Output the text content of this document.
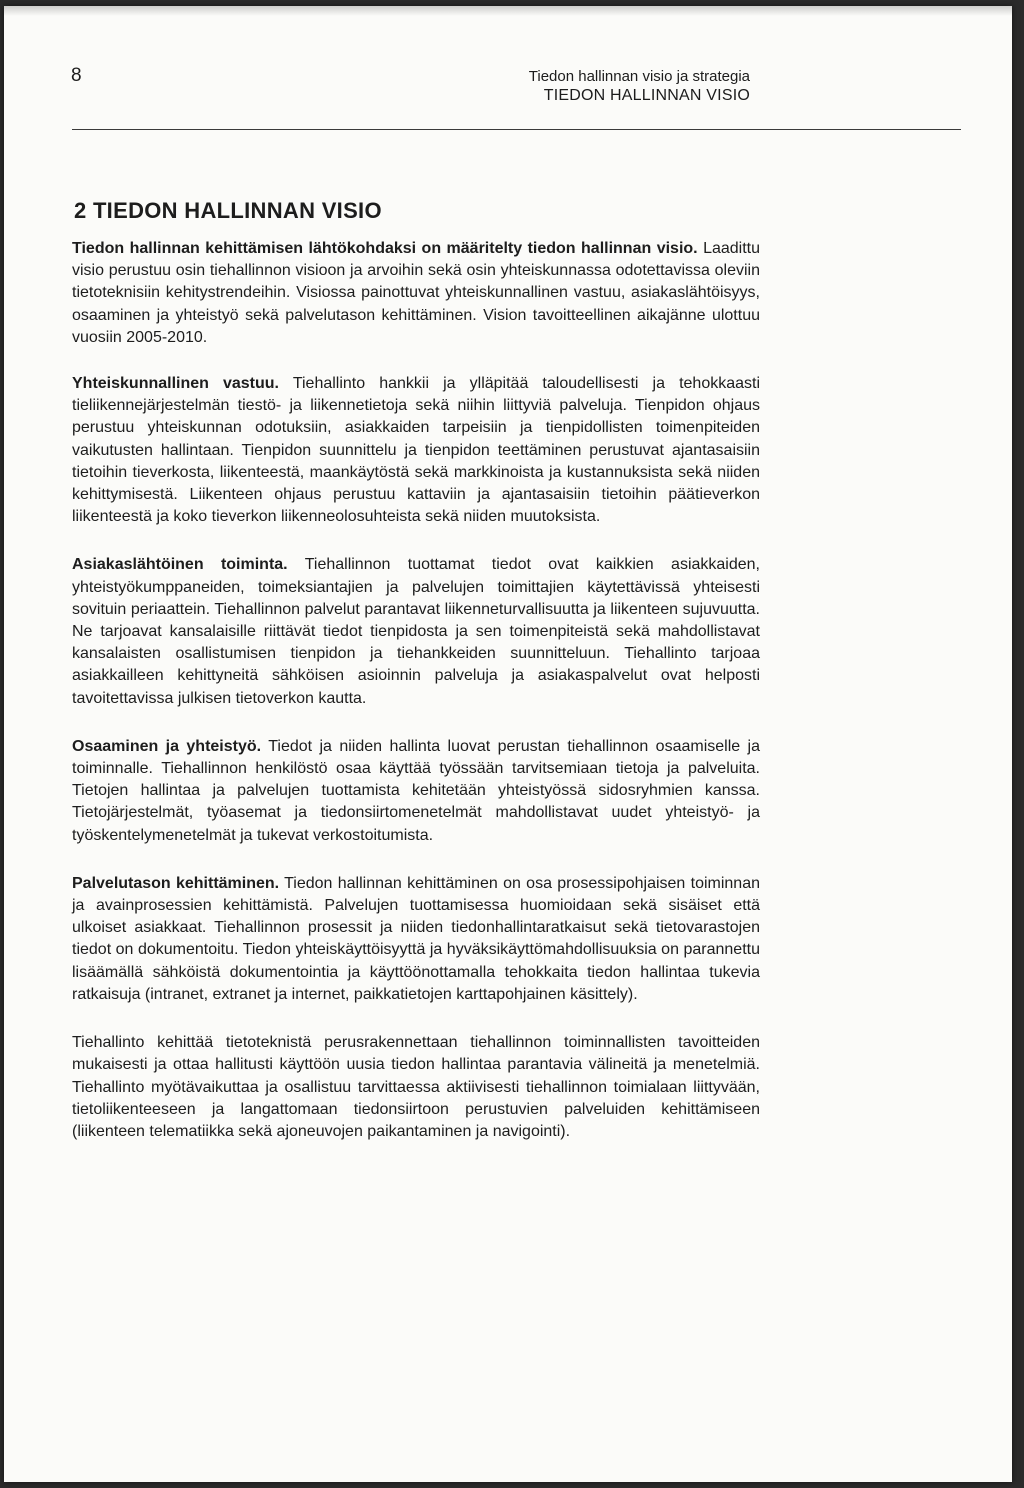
8	Tiedon hallinnan visio ja strategia
TIEDON HALLINNAN VISIO
2 TIEDON HALLINNAN VISIO

Tiedon hallinnan kehittämisen lähtökohdaksi on määritelty tiedon hallinnan visio. Laadittu visio perustuu osin tiehallinnon visioon ja arvoihin sekä osin yhteiskunnassa odotettavissa oleviin tietoteknisiin kehitystrendeihin. Visiossa painottuvat yhteiskunnallinen vastuu, asiakaslähtöisyys, osaaminen ja yhteistyö sekä palvelutason kehittäminen. Vision tavoitteellinen aikajänne ulottuu vuosiin 2005-2010.

Yhteiskunnallinen vastuu. Tiehallinto hankkii ja ylläpitää taloudellisesti ja tehokkaasti tieliikennejärjestelmän tiestö- ja liikennetietoja sekä niihin liittyviä palveluja. Tienpidon ohjaus perustuu yhteiskunnan odotuksiin, asiakkaiden tarpeisiin ja tienpidollisten toimenpiteiden vaikutusten hallintaan. Tienpidon suunnittelu ja tienpidon teettäminen perustuvat ajantasaisiin tietoihin tieverkosta, liikenteestä, maankäytöstä sekä markkinoista ja kustannuksista sekä niiden kehittymisestä. Liikenteen ohjaus perustuu kattaviin ja ajantasaisiin tietoihin päätieverkon liikenteestä ja koko tieverkon liikenneolosuhteista sekä niiden muutoksista.

Asiakaslähtöinen toiminta. Tiehallinnon tuottamat tiedot ovat kaikkien asiakkaiden, yhteistyökumppaneiden, toimeksiantajien ja palvelujen toimittajien käytettävissä yhteisesti sovituin periaattein. Tiehallinnon palvelut parantavat liikenneturvallisuutta ja liikenteen sujuvuutta. Ne tarjoavat kansalaisille riittävät tiedot tienpidosta ja sen toimenpiteistä sekä mahdollistavat kansalaisten osallistumisen tienpidon ja tiehankkeiden suunnitteluun. Tiehallinto tarjoaa asiakkailleen kehittyneitä sähköisen asioinnin palveluja ja asiakaspalvelut ovat helposti tavoitettavissa julkisen tietoverkon kautta.

Osaaminen ja yhteistyö. Tiedot ja niiden hallinta luovat perustan tiehallinnon osaamiselle ja toiminnalle. Tiehallinnon henkilöstö osaa käyttää työssään tarvitsemiaan tietoja ja palveluita. Tietojen hallintaa ja palvelujen tuottamista kehitetään yhteistyössä sidosryhmien kanssa. Tietojärjestelmät, työasemat ja tiedonsiirtomenetelmät mahdollistavat uudet yhteistyö- ja työskentelymenetelmät ja tukevat verkostoitumista.

Palvelutason kehittäminen. Tiedon hallinnan kehittäminen on osa prosessipohjaisen toiminnan ja avainprosessien kehittämistä. Palvelujen tuottamisessa huomioidaan sekä sisäiset että ulkoiset asiakkaat. Tiehallinnon prosessit ja niiden tiedonhallintaratkaisut sekä tietovarastojen tiedot on dokumentoitu. Tiedon yhteiskäyttöisyyttä ja hyväksikäyttömahdollisuuksia on parannettu lisäämällä sähköistä dokumentointia ja käyttöönottamalla tehokkaita tiedon hallintaa tukevia ratkaisuja (intranet, extranet ja internet, paikkatietojen karttapohjainen käsittely).

Tiehallinto kehittää tietoteknistä perusrakennettaan tiehallinnon toiminnallisten tavoitteiden mukaisesti ja ottaa hallitusti käyttöön uusia tiedon hallintaa parantavia välineitä ja menetelmiä. Tiehallinto myötävaikuttaa ja osallistuu tarvittaessa aktiivisesti tiehallinnon toimialaan liittyvään, tietoliikenteeseen ja langattomaan tiedonsiirtoon perustuvien palveluiden kehittämiseen (liikenteen telematiikka sekä ajoneuvojen paikantaminen ja navigointi).
